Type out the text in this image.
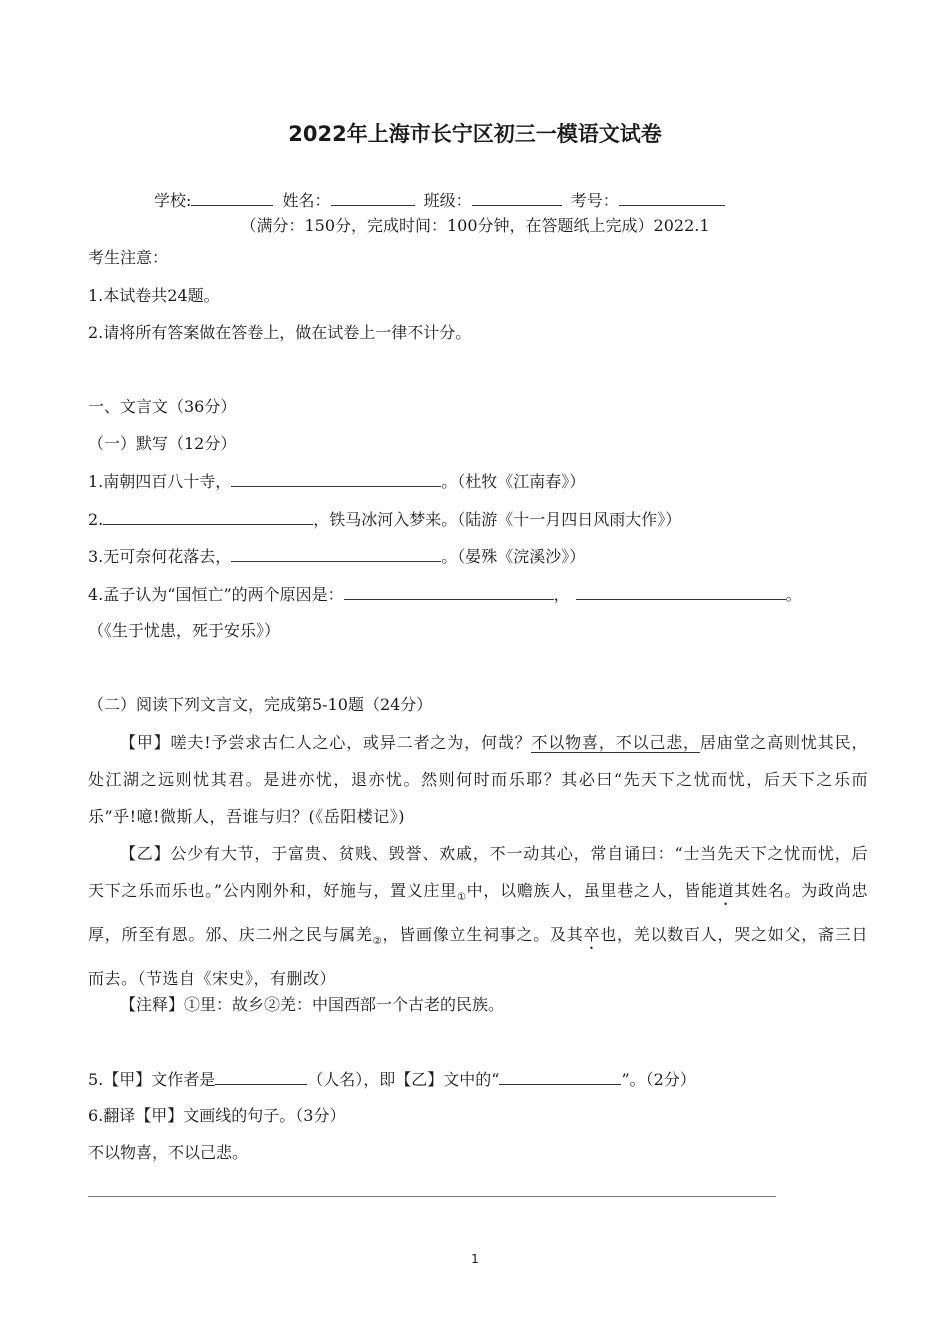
2022年上海市长宁区初三一模语文试卷
学校:	姓名：	班级：	考号：
（满分：150分，完成时间：100分钟，在答题纸上完成）2022.1
考生注意：
1.本试卷共24题。
2.请将所有答案做在答卷上，做在试卷上一律不计分。
一、文言文（36分）
（一）默写（12分）
1.南朝四百八十寺，	。（杜牧《江南春》）
2.	，铁马冰河入梦来。（陆游《十一月四日风雨大作》）
3.无可奈何花落去，	。（晏殊《浣溪沙》）
4.孟子认为“国恒亡”的两个原因是：	，	。
（《生于忧患，死于安乐》）
（二）阅读下列文言文，完成第5-10题（24分）
【甲】嗟夫!予尝求古仁人之心，或异二者之为，何哉？不以物喜，不以己悲，居庙堂之高则忧其民，处江湖之远则忧其君。是进亦忧，退亦忧。然则何时而乐耶？其必曰“先天下之忧而忧，后天下之乐而乐”乎!噫!微斯人，吾谁与归？(《岳阳楼记》)
【乙】公少有大节，于富贵、贫贱、毁誉、欢戚，不一动其心，常自诵曰：“士当先天下之忧而忧，后天下之乐而乐也。”公内刚外和，好施与，置义庄里$_①$中，以赡族人，虽里巷之人，皆能道其姓名。为政尚忠厚，所至有恩。邠、庆二州之民与属羌$_②$，皆画像立生祠事之。及其卒也，羌以数百人，哭之如父，斋三日而去。（节选自《宋史》，有删改）
【注释】①里：故乡②羌：中国西部一个古老的民族。
5.【甲】文作者是	（人名），即【乙】文中的“	”。（2分）
6.翻译【甲】文画线的句子。（3分）
不以物喜，不以己悲。
1
